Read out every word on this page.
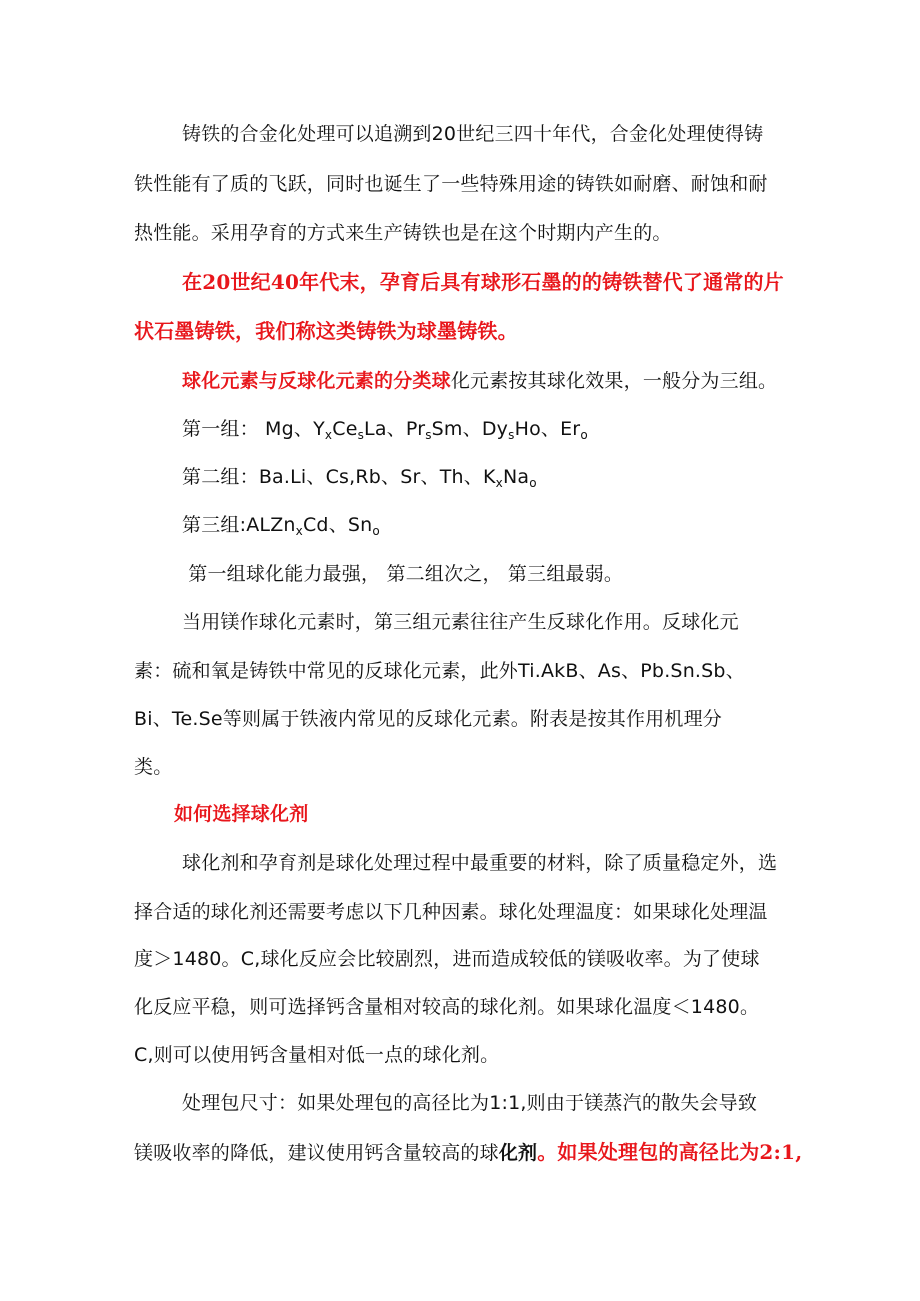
铸铁的合金化处理可以追溯到20世纪三四十年代，合金化处理使得铸
铁性能有了质的飞跃，同时也诞生了一些特殊用途的铸铁如耐磨、耐蚀和耐
热性能。采用孕育的方式来生产铸铁也是在这个时期内产生的。
在20世纪40年代末，孕育后具有球形石墨的的铸铁替代了通常的片
状石墨铸铁，我们称这类铸铁为球墨铸铁。
球化元素与反球化元素的分类球化元素按其球化效果，一般分为三组。
第一组： Mg、$Y_xCe_sLa$、$Pr_sSm$、$Dy_sHo$、$Er_o$
第二组：Ba.Li、Cs,Rb、Sr、Th、$K_xNa_o$
第三组:ALZn$_x$Cd、$Sn_o$
第一组球化能力最强， 第二组次之， 第三组最弱。
当用镁作球化元素时，第三组元素往往产生反球化作用。反球化元
素：硫和氧是铸铁中常见的反球化元素，此外Ti.AkB、As、Pb.Sn.Sb、
Bi、Te.Se等则属于铁液内常见的反球化元素。附表是按其作用机理分
类。
如何选择球化剂
球化剂和孕育剂是球化处理过程中最重要的材料，除了质量稳定外，选
择合适的球化剂还需要考虑以下几种因素。球化处理温度：如果球化处理温
度＞1480。C,球化反应会比较剧烈，进而造成较低的镁吸收率。为了使球
化反应平稳，则可选择钙含量相对较高的球化剂。如果球化温度＜1480。
C,则可以使用钙含量相对低一点的球化剂。
处理包尺寸：如果处理包的高径比为1:1,则由于镁蒸汽的散失会导致
镁吸收率的降低，建议使用钙含量较高的球化剂。如果处理包的高径比为2:1,
